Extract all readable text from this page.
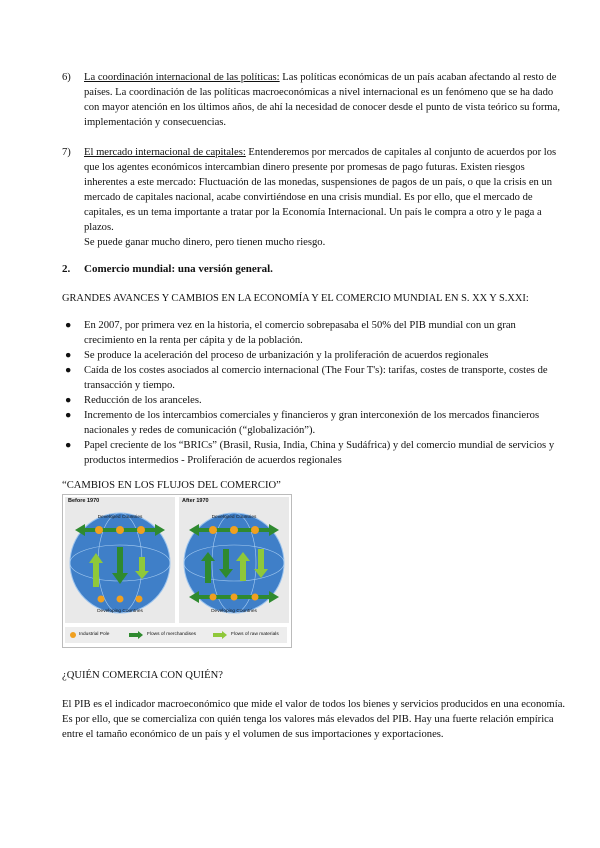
6) La coordinación internacional de las políticas: Las políticas económicas de un país acaban afectando al resto de países. La coordinación de las políticas macroeconómicas a nivel internacional es un fenómeno que se ha dado con mayor atención en los últimos años, de ahí la necesidad de conocer desde el punto de vista teórico su forma, implementación y consecuencias.
7) El mercado internacional de capitales: Entenderemos por mercados de capitales al conjunto de acuerdos por los que los agentes económicos intercambian dinero presente por promesas de pago futuras. Existen riesgos inherentes a este mercado: Fluctuación de las monedas, suspensiones de pagos de un país, o que la crisis en un mercado de capitales nacional, acabe convirtiéndose en una crisis mundial. Es por ello, que el mercado de capitales, es un tema importante a tratar por la Economía Internacional. Un país le compra a otro y le paga a plazos.
Se puede ganar mucho dinero, pero tienen mucho riesgo.
2. Comercio mundial: una versión general.
GRANDES AVANCES Y CAMBIOS EN LA ECONOMÍA Y EL COMERCIO MUNDIAL EN S. XX Y S.XXI:
● En 2007, por primera vez en la historia, el comercio sobrepasaba el 50% del PIB mundial con un gran crecimiento en la renta per cápita y de la población.
● Se produce la aceleración del proceso de urbanización y la proliferación de acuerdos regionales
● Caída de los costes asociados al comercio internacional (The Four T's): tarifas, costes de transporte, costes de transacción y tiempo.
● Reducción de los aranceles.
● Incremento de los intercambios comerciales y financieros y gran interconexión de los mercados financieros nacionales y redes de comunicación (“globalización”).
● Papel creciente de los “BRICs” (Brasil, Rusia, India, China y Sudáfrica) y del comercio mundial de servicios y productos intermedios - Proliferación de acuerdos regionales
“CAMBIOS EN LOS FLUJOS DEL COMERCIO”
Before 1970
Developed Countries
Developing Countries
After 1970
Developed Countries
Developing Countries
Industrial Pole	Flows of merchandises	Flows of raw materials
¿QUIÉN COMERCIA CON QUIÉN?
El PIB es el indicador macroeconómico que mide el valor de todos los bienes y servicios producidos en una economía. Es por ello, que se comercializa con quién tenga los valores más elevados del PIB. Hay una fuerte relación empírica entre el tamaño económico de un país y el volumen de sus importaciones y exportaciones.
